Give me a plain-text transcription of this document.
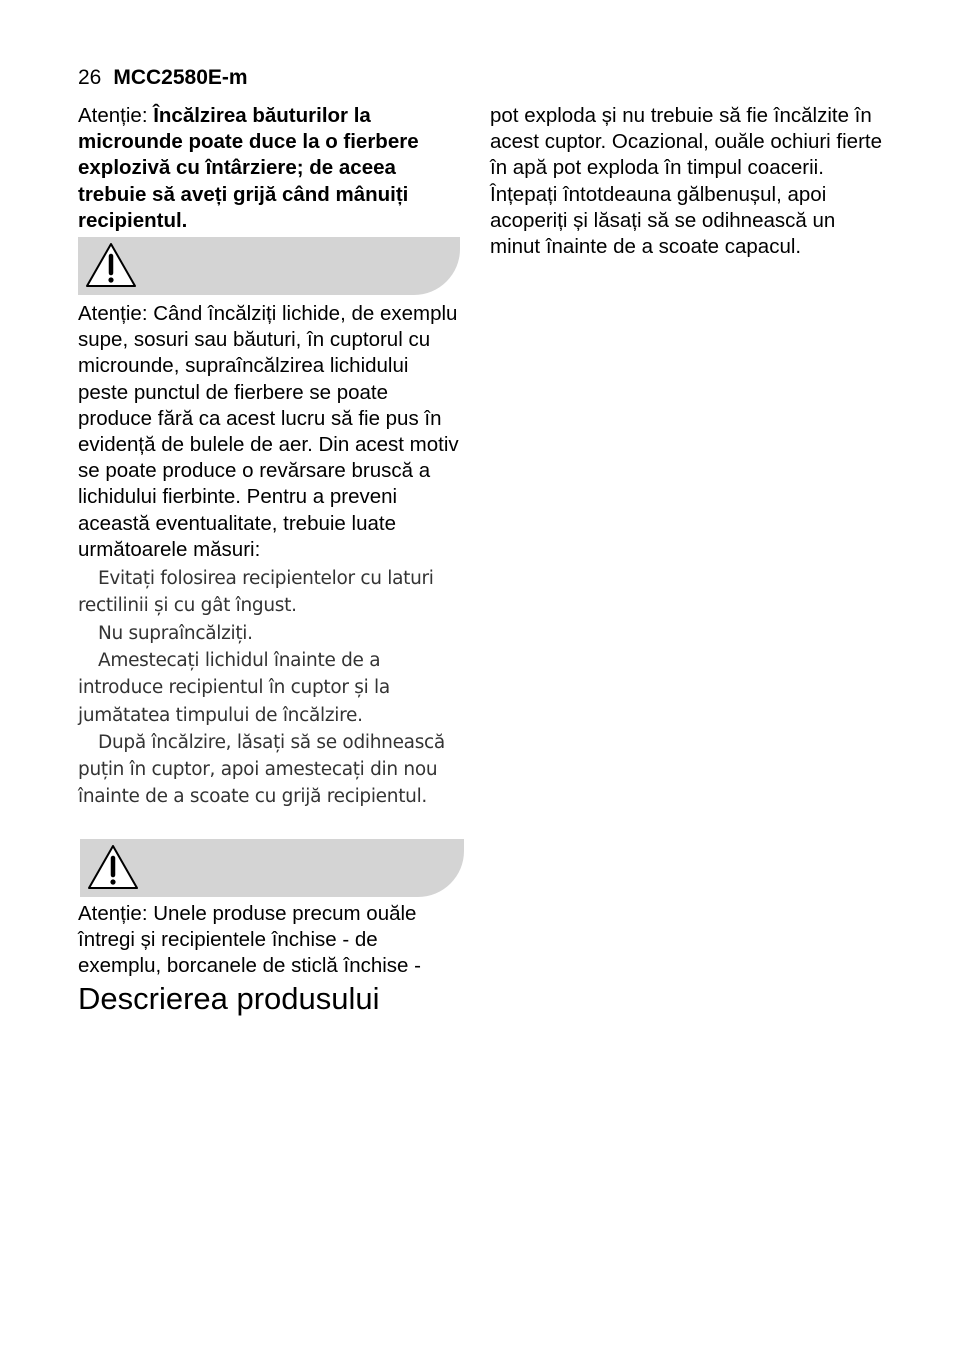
26 MCC2580E-m

Atenție: Încălzirea băuturilor la microunde poate duce la o fierbere explozivă cu întârziere; de aceea trebuie să aveți grijă când mânuiți recipientul.

Atenție: Când încălziți lichide, de exemplu supe, sosuri sau băuturi, în cuptorul cu microunde, supraîncălzirea lichidului peste punctul de fierbere se poate produce fără ca acest lucru să fie pus în evidență de bulele de aer. Din acest motiv se poate produce o revărsare bruscă a lichidului fierbinte. Pentru a preveni această eventualitate, trebuie luate următoarele măsuri:

Evitați folosirea recipientelor cu laturi rectilinii și cu gât îngust.

Nu supraîncălziți.

Amestecați lichidul înainte de a introduce recipientul în cuptor și la jumătatea timpului de încălzire.

După încălzire, lăsați să se odihnească puțin în cuptor, apoi amestecați din nou înainte de a scoate cu grijă recipientul.

Atenție: Unele produse precum ouăle întregi și recipientele închise - de exemplu, borcanele de sticlă închise -

Descrierea produsului

pot exploda și nu trebuie să fie încălzite în acest cuptor. Ocazional, ouăle ochiuri fierte în apă pot exploda în timpul coacerii. Înțepați întotdeauna gălbenușul, apoi acoperiți și lăsați să se odihnească un minut înainte de a scoate capacul.
